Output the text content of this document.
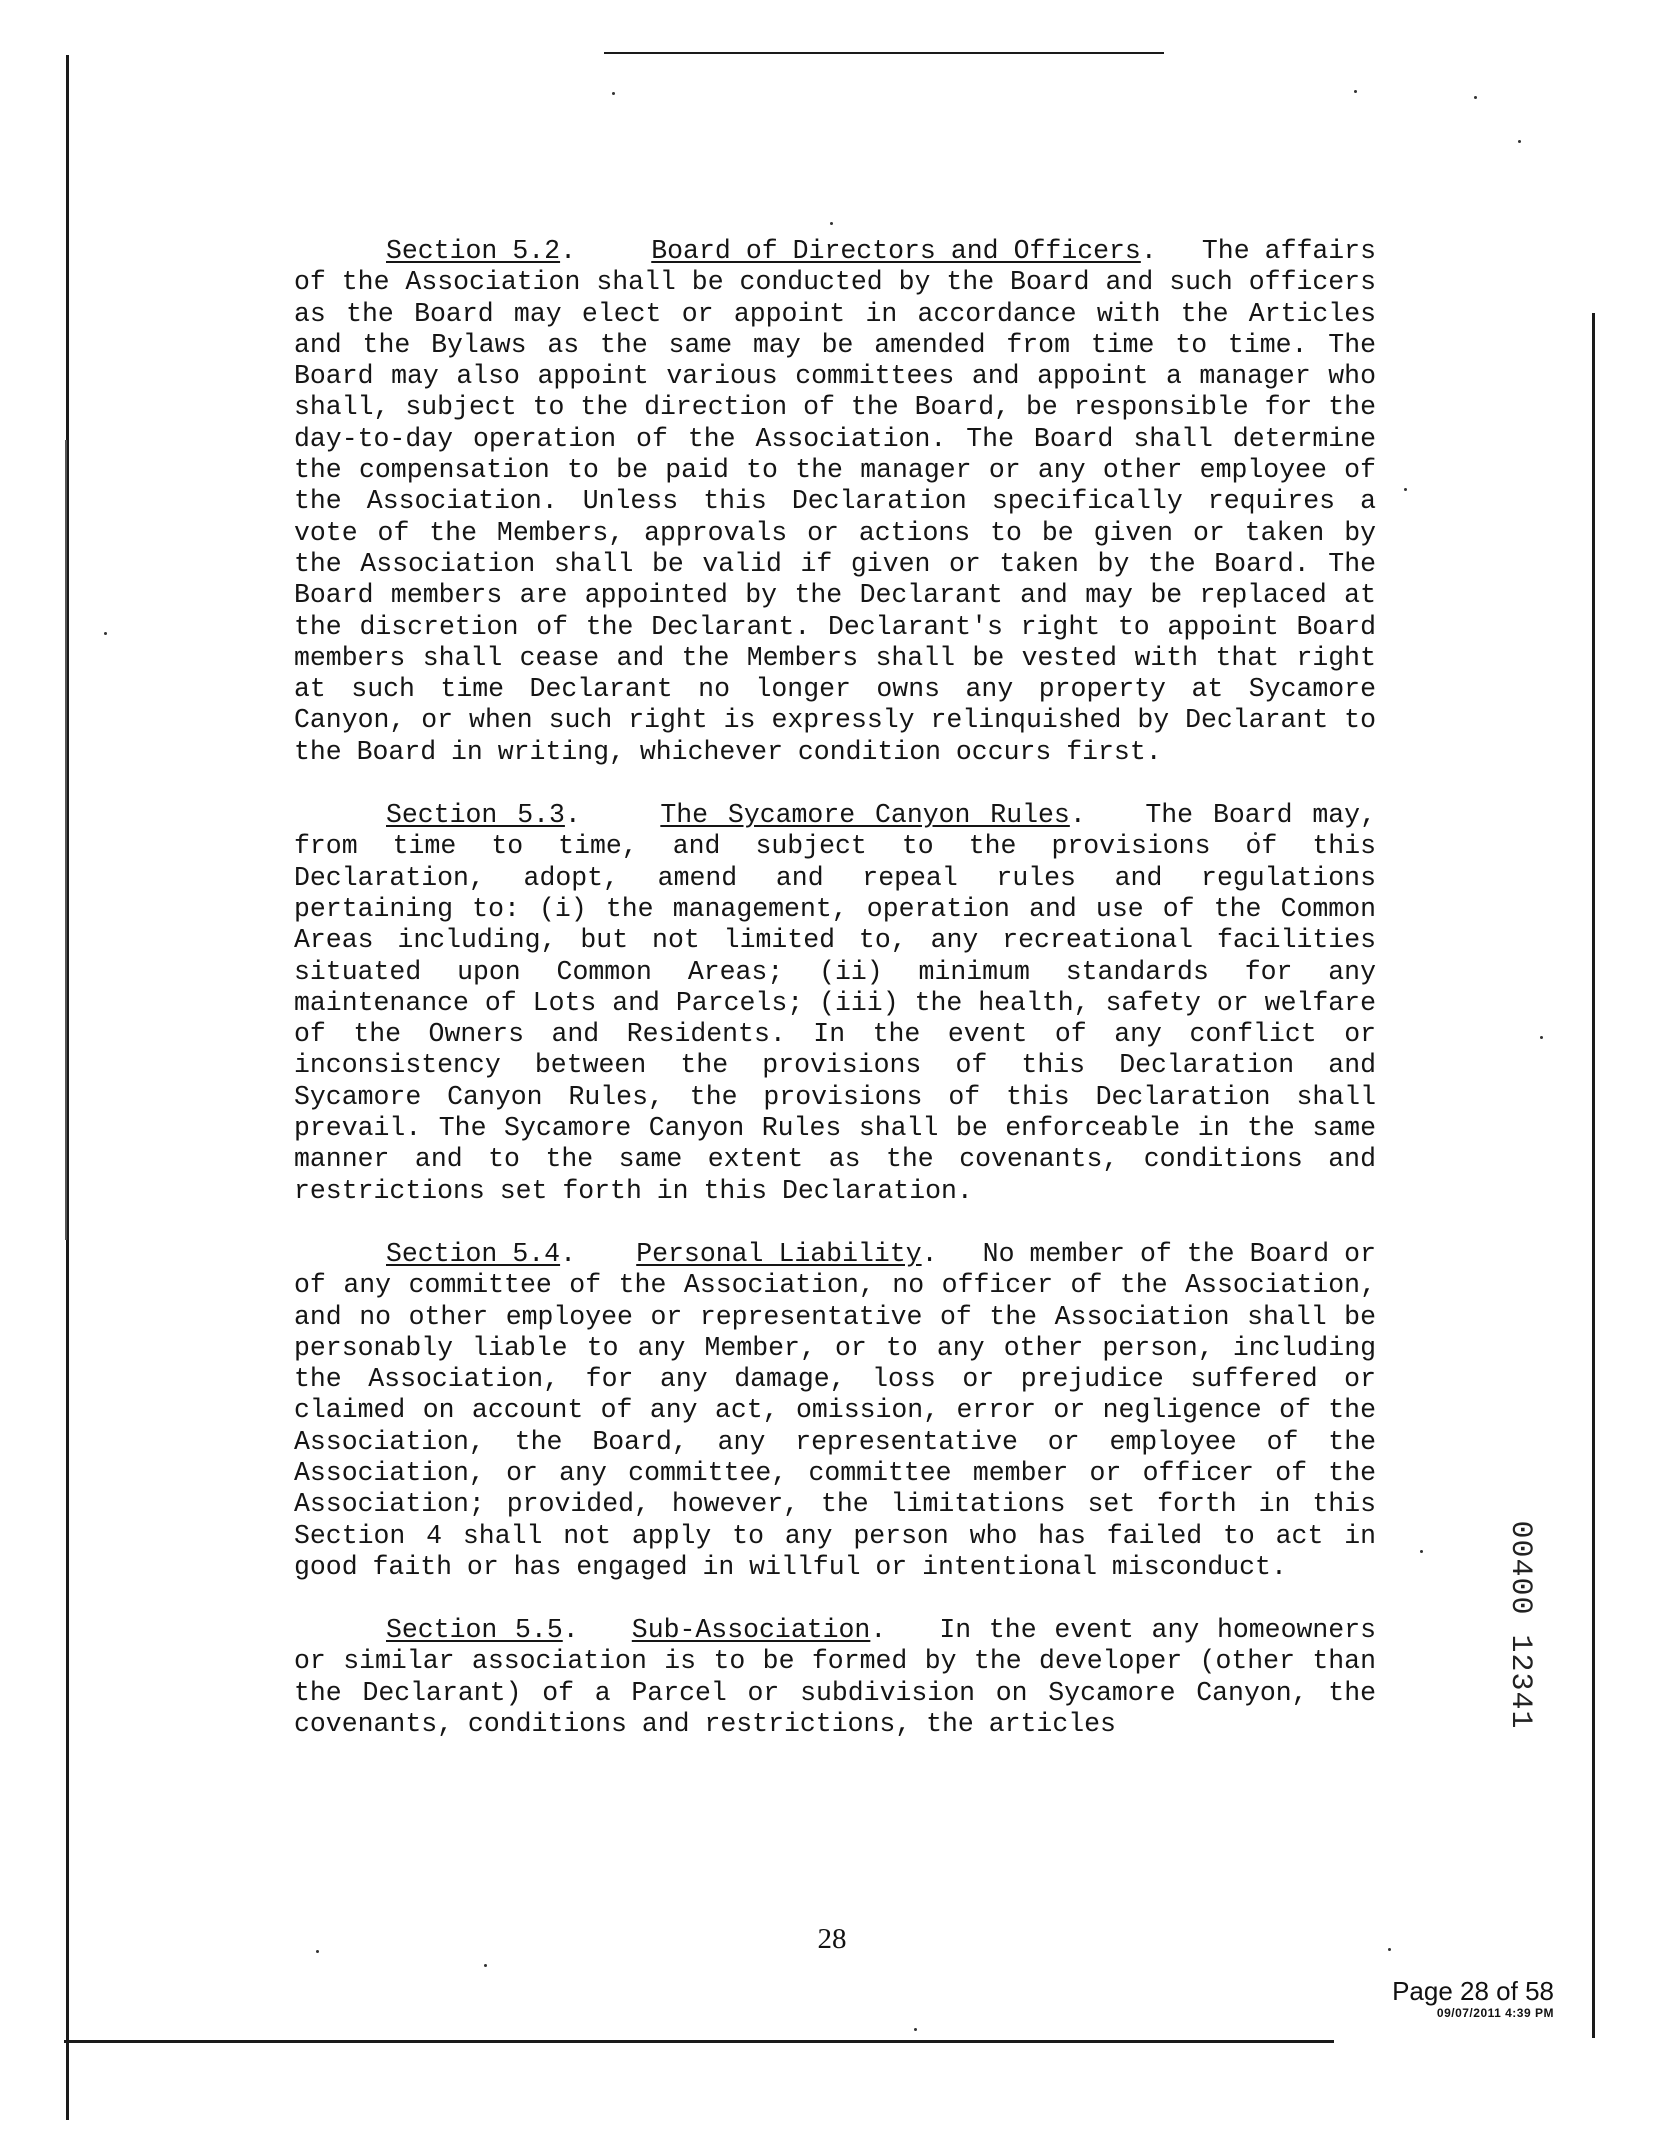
Section 5.2.     Board of Directors and Officers.   The affairs of the Association shall be conducted by the Board and such officers as the Board may elect or appoint in accordance with the Articles and the Bylaws as the same may be amended from time to time. The Board may also appoint various committees and appoint a manager who shall, subject to the direction of the Board, be responsible for the day-to-day operation of the Association. The Board shall determine the compensation to be paid to the manager or any other employee of the Association. Unless this Declaration specifically requires a vote of the Members, approvals or actions to be given or taken by the Association shall be valid if given or taken by the Board. The Board members are appointed by the Declarant and may be replaced at the discretion of the Declarant. Declarant's right to appoint Board members shall cease and the Members shall be vested with that right at such time Declarant no longer owns any property at Sycamore Canyon, or when such right is expressly relinquished by Declarant to the Board in writing, whichever condition occurs first.

Section 5.3.    The Sycamore Canyon Rules.   The Board may, from time to time, and subject to the provisions of this Declaration, adopt, amend and repeal rules and regulations pertaining to: (i) the management, operation and use of the Common Areas including, but not limited to, any recreational facilities situated upon Common Areas; (ii) minimum standards for any maintenance of Lots and Parcels; (iii) the health, safety or welfare of the Owners and Residents. In the event of any conflict or inconsistency between the provisions of this Declaration and Sycamore Canyon Rules, the provisions of this Declaration shall prevail. The Sycamore Canyon Rules shall be enforceable in the same manner and to the same extent as the covenants, conditions and restrictions set forth in this Declaration.

Section 5.4.    Personal Liability.   No member of the Board or of any committee of the Association, no officer of the Association, and no other employee or representative of the Association shall be personably liable to any Member, or to any other person, including the Association, for any damage, loss or prejudice suffered or claimed on account of any act, omission, error or negligence of the Association, the Board, any representative or employee of the Association, or any committee, committee member or officer of the Association; provided, however, the limitations set forth in this Section 4 shall not apply to any person who has failed to act in good faith or has engaged in willful or intentional misconduct.

Section 5.5.   Sub-Association.   In the event any homeowners or similar association is to be formed by the developer (other than the Declarant) of a Parcel or subdivision on Sycamore Canyon, the covenants, conditions and restrictions, the articles	00400 12341
28
Page 28 of 58
09/07/2011 4:39 PM
